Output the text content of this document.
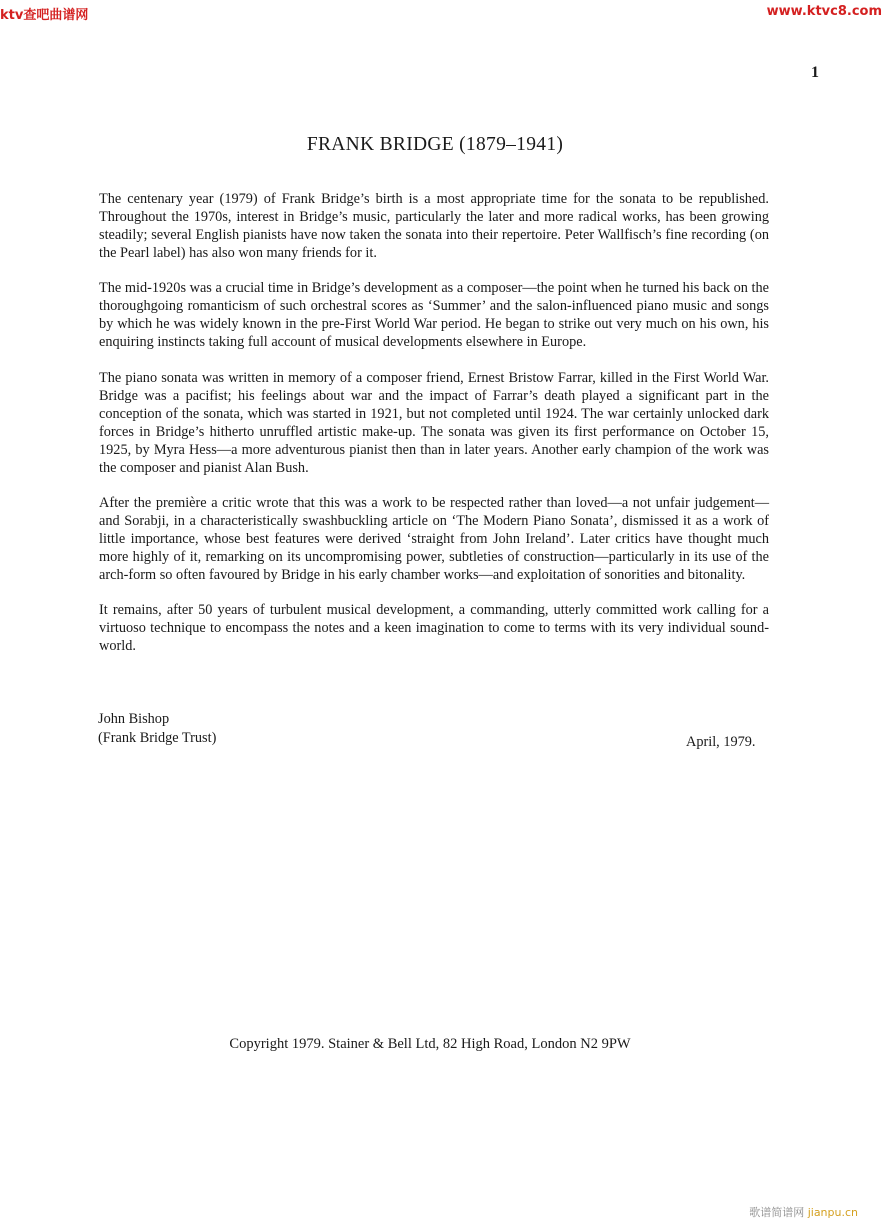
ktv查吧曲谱网	www.ktvc8.com
1
FRANK BRIDGE (1879–1941)

The centenary year (1979) of Frank Bridge’s birth is a most appropriate time for the sonata to be republished. Throughout the 1970s, interest in Bridge’s music, particularly the later and more radical works, has been growing steadily; several English pianists have now taken the sonata into their repertoire. Peter Wallfisch’s fine recording (on the Pearl label) has also won many friends for it.

The mid-1920s was a crucial time in Bridge’s development as a composer—the point when he turned his back on the thoroughgoing romanticism of such orchestral scores as ‘Summer’ and the salon-influenced piano music and songs by which he was widely known in the pre-First World War period. He began to strike out very much on his own, his enquiring instincts taking full account of musical developments elsewhere in Europe.

The piano sonata was written in memory of a composer friend, Ernest Bristow Farrar, killed in the First World War. Bridge was a pacifist; his feelings about war and the impact of Farrar’s death played a significant part in the conception of the sonata, which was started in 1921, but not completed until 1924. The war certainly unlocked dark forces in Bridge’s hitherto unruffled artistic make-up. The sonata was given its first performance on October 15, 1925, by Myra Hess—a more adventurous pianist then than in later years. Another early champion of the work was the composer and pianist Alan Bush.

After the première a critic wrote that this was a work to be respected rather than loved—a not unfair judgement—and Sorabji, in a characteristically swashbuckling article on ‘The Modern Piano Sonata’, dismissed it as a work of little importance, whose best features were derived ‘straight from John Ireland’. Later critics have thought much more highly of it, remarking on its uncompromising power, subtleties of construction—particularly in its use of the arch-form so often favoured by Bridge in his early chamber works—and exploitation of sonorities and bitonality.

It remains, after 50 years of turbulent musical development, a commanding, utterly committed work calling for a virtuoso technique to encompass the notes and a keen imagination to come to terms with its very individual sound-world.

John Bishop
(Frank Bridge Trust)	April, 1979.
Copyright 1979. Stainer & Bell Ltd, 82 High Road, London N2 9PW
歌谱简谱网 jianpu.cn
